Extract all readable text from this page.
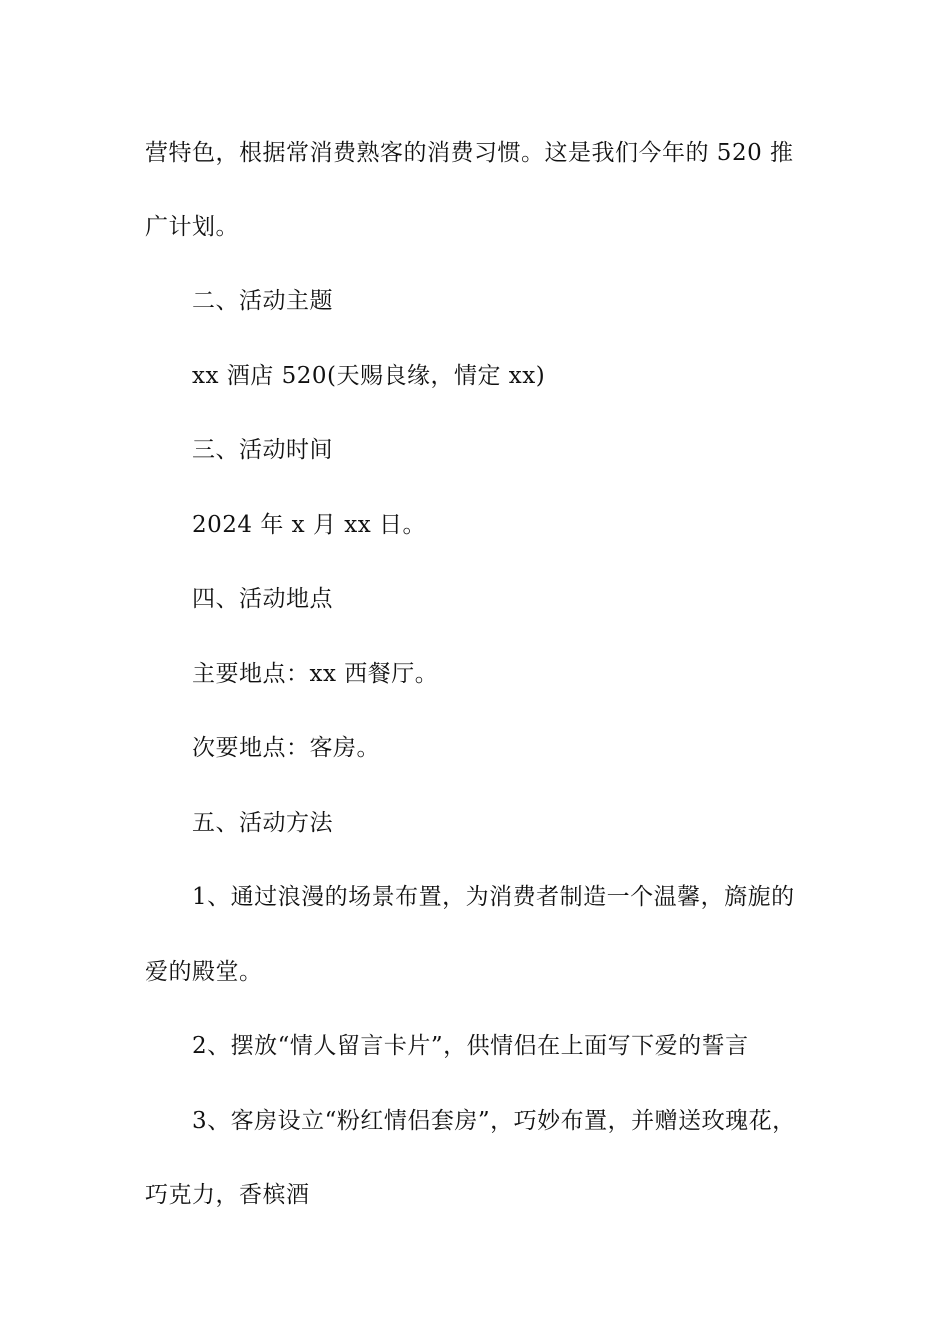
营特色，根据常消费熟客的消费习惯。这是我们今年的 520 推
广计划。
二、活动主题
xx 酒店 520(天赐良缘，情定 xx)
三、活动时间
2024 年 x 月 xx 日。
四、活动地点
主要地点：xx 西餐厅。
次要地点：客房。
五、活动方法
1、通过浪漫的场景布置，为消费者制造一个温馨，旖旎的
爱的殿堂。
2、摆放“情人留言卡片”，供情侣在上面写下爱的誓言
3、客房设立“粉红情侣套房”，巧妙布置，并赠送玫瑰花，
巧克力，香槟酒
